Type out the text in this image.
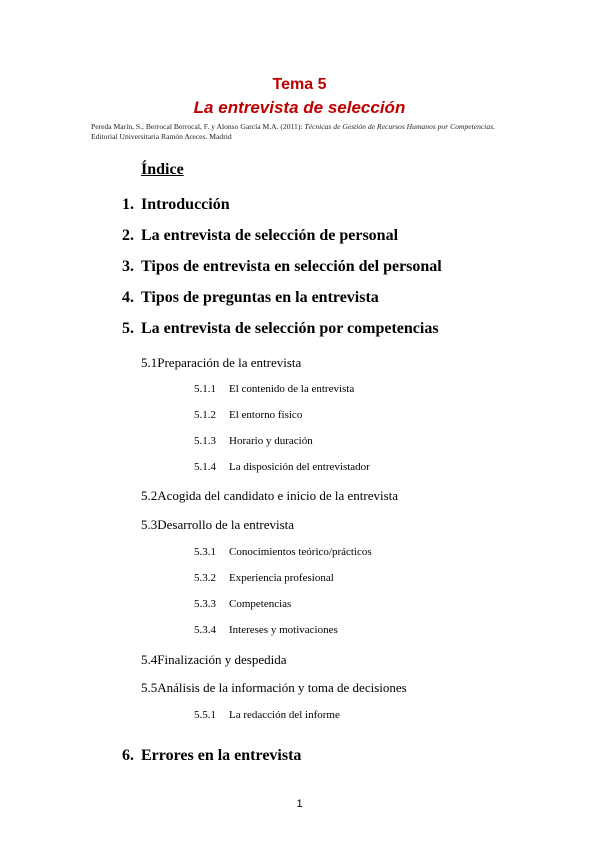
Tema 5
La entrevista de selección
Pereda Marín, S., Berrocal Berrocal, F. y Alonso García M.A. (2011): Técnicas de Gestión de Recursos Humanos por Competencias.
Editorial Universitaria Ramón Areces. Madrid
Índice
1. Introducción
2. La entrevista de selección de personal
3. Tipos de entrevista en selección del personal
4. Tipos de preguntas en la entrevista
5. La entrevista de selección por competencias
5.1Preparación de la entrevista
5.1.1 El contenido de la entrevista
5.1.2 El entorno físico
5.1.3 Horario y duración
5.1.4 La disposición del entrevistador
5.2Acogida del candidato e inicio de la entrevista
5.3Desarrollo de la entrevista
5.3.1 Conocimientos teórico/prácticos
5.3.2 Experiencia profesional
5.3.3 Competencias
5.3.4 Intereses y motivaciones
5.4Finalización y despedida
5.5Análisis de la información y toma de decisiones
5.5.1 La redacción del informe
6. Errores en la entrevista
1
